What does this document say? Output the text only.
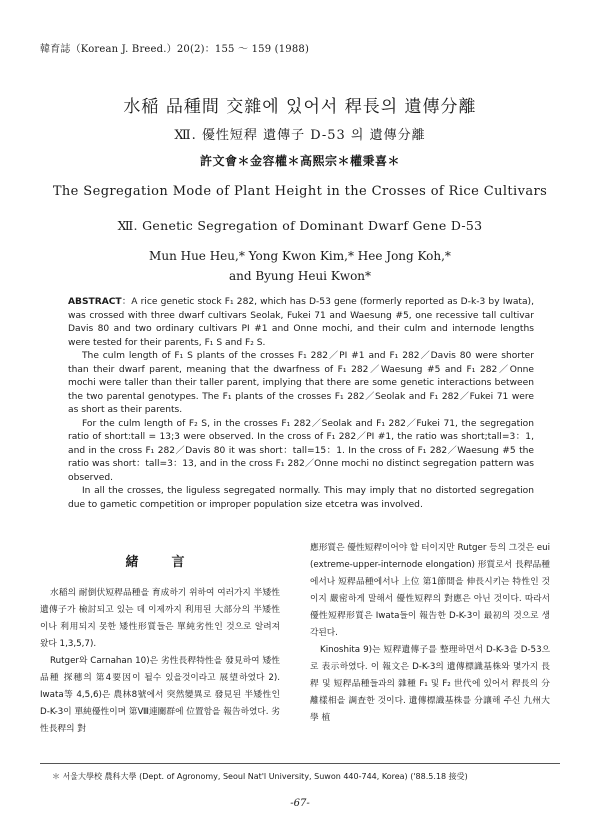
韓育誌（Korean J. Breed.）20(2)：155 ～ 159 (1988)
水稲 品種間 交雜에 있어서 稈長의 遺傳分離
Ⅻ. 優性短稈 遺傳子 D-53 의 遺傳分離
許文會＊金容權＊高熙宗＊權秉喜＊
The Segregation Mode of Plant Height in the Crosses of Rice Cultivars
Ⅻ. Genetic Segregation of Dominant Dwarf Gene D-53
Mun Hue Heu,* Yong Kwon Kim,* Hee Jong Koh,*
and Byung Heui Kwon*

ABSTRACT：A rice genetic stock F₁ 282, which has D-53 gene (formerly reported as D-k-3 by Iwata), was crossed with three dwarf cultivars Seolak, Fukei 71 and Waesung #5, one recessive tall cultivar Davis 80 and two ordinary cultivars PI #1 and Onne mochi, and their culm and internode lengths were tested for their parents, F₁ S and F₂ S.

The culm length of F₁ S plants of the crosses F₁ 282／PI #1 and F₁ 282／Davis 80 were shorter than their dwarf parent, meaning that the dwarfness of F₁ 282／Waesung #5 and F₁ 282／Onne mochi were taller than their taller parent, implying that there are some genetic interactions between the two parental genotypes. The F₁ plants of the crosses F₁ 282／Seolak and F₁ 282／Fukei 71 were as short as their parents.

For the culm length of F₂ S, in the crosses F₁ 282／Seolak and F₁ 282／Fukei 71, the segregation ratio of short:tall = 13;3 were observed. In the cross of F₁ 282／PI #1, the ratio was short;tall=3：1, and in the cross F₁ 282／Davis 80 it was short：tall=15：1. In the cross of F₁ 282／Waesung #5 the ratio was short：tall=3：13, and in the cross F₁ 282／Onne mochi no distinct segregation pattern was observed.

In all the crosses, the liguless segregated normally. This may imply that no distorted segregation due to gametic competition or improper population size etcetra was involved.

緒　言

水稲의 耐倒伏短稈品種을 育成하기 위하여 여러가지 半矮性遺傳子가 檢討되고 있는 데 이제까지 利用된 大部分의 半矮性이나 利用되지 못한 矮性形質들은 單純劣性인 것으로 알려져 왔다 1,3,5,7).

Rutger와 Carnahan 10)은 劣性長稈特性을 發見하여 矮性品種 探穗의 第4要因이 될수 있을것이라고 展望하였다 2). Iwata等 4,5,6)은 農林8號에서 突然變異로 發見된 半矮性인 D-K-3이 單純優性이며 第Ⅷ連關群에 位置함을 報告하였다. 劣性長稈의 對

應形質은 優性短稈이어야 할 터이지만 Rutger 등의 그것은 eui (extreme-upper-internode elongation) 形質로서 長稈品種에서나 短稈品種에서나 上位 第1節間을 伸長시키는 特性인 것이지 嚴密하게 말해서 優性短稈의 對應은 아닌 것이다. 따라서 優性短稈形質은 Iwata들이 報告한 D-K-3이 最初의 것으로 생각된다.

Kinoshita 9)는 短稈遺傳子를 整理하면서 D-K-3을 D-53으로 表示하였다. 이 報文은 D-K-3의 遺傳標識基株와 몇가지 長稈 및 短稈品種들과의 雜種 F₁ 및 F₂ 世代에 있어서 稈長의 分離樣相을 調査한 것이다. 遺傳標識基株를 分讓해 주신 九州大學 植

＊ 서울大學校 農科大學 (Dept. of Agronomy, Seoul Nat'l University, Suwon 440-744, Korea) ('88.5.18 接受)
-67-
